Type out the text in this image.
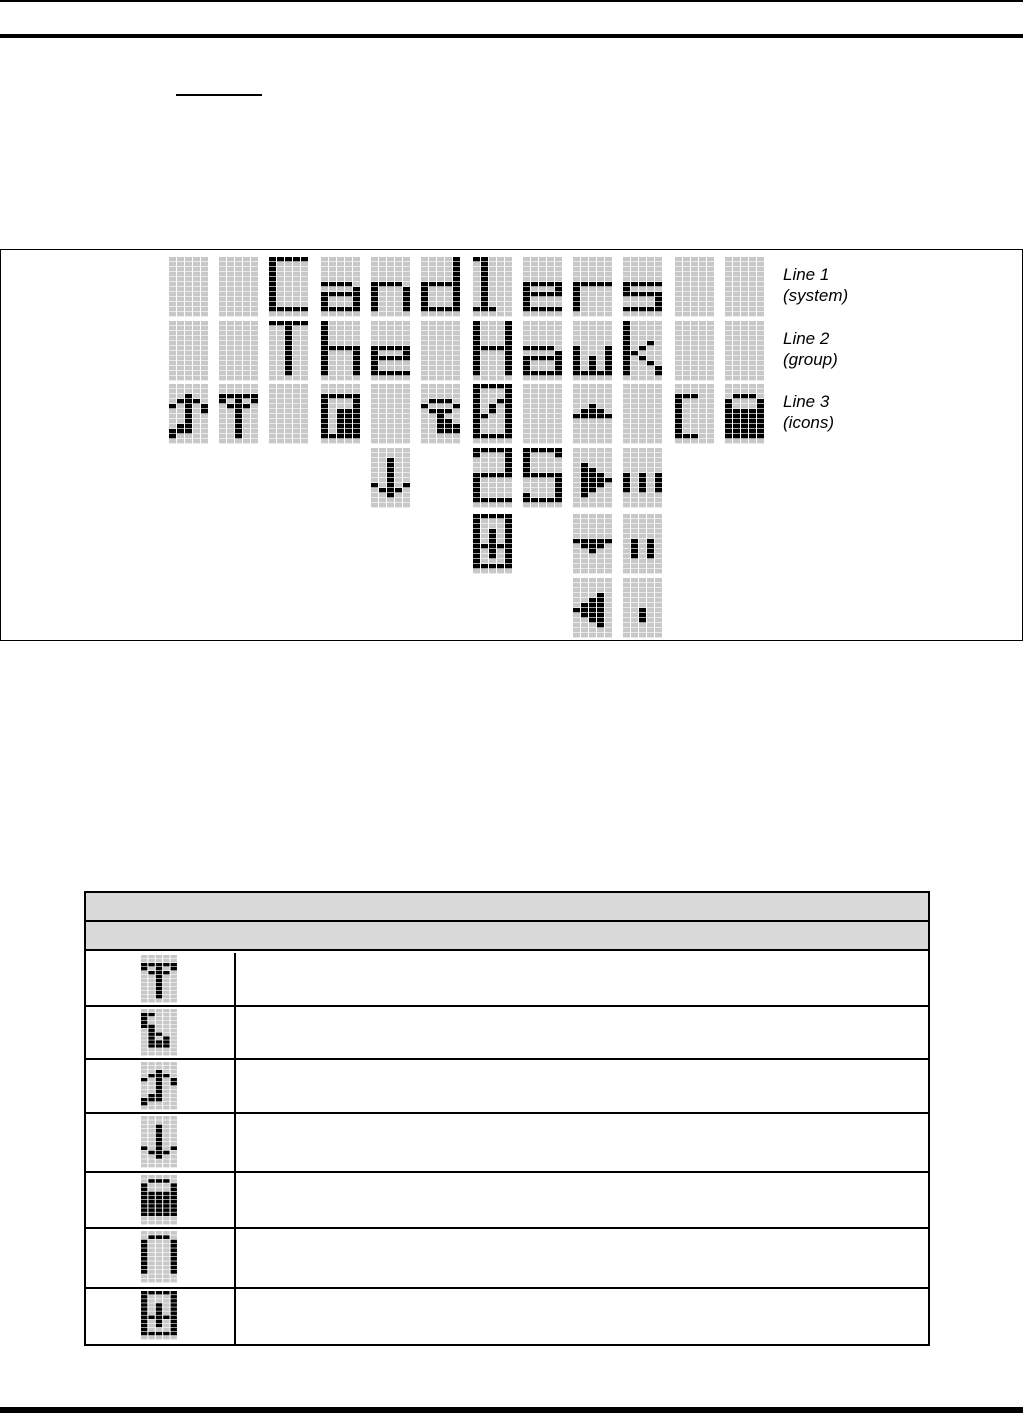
Line 1
(system)
Line 2
(group)
Line 3
(icons)
